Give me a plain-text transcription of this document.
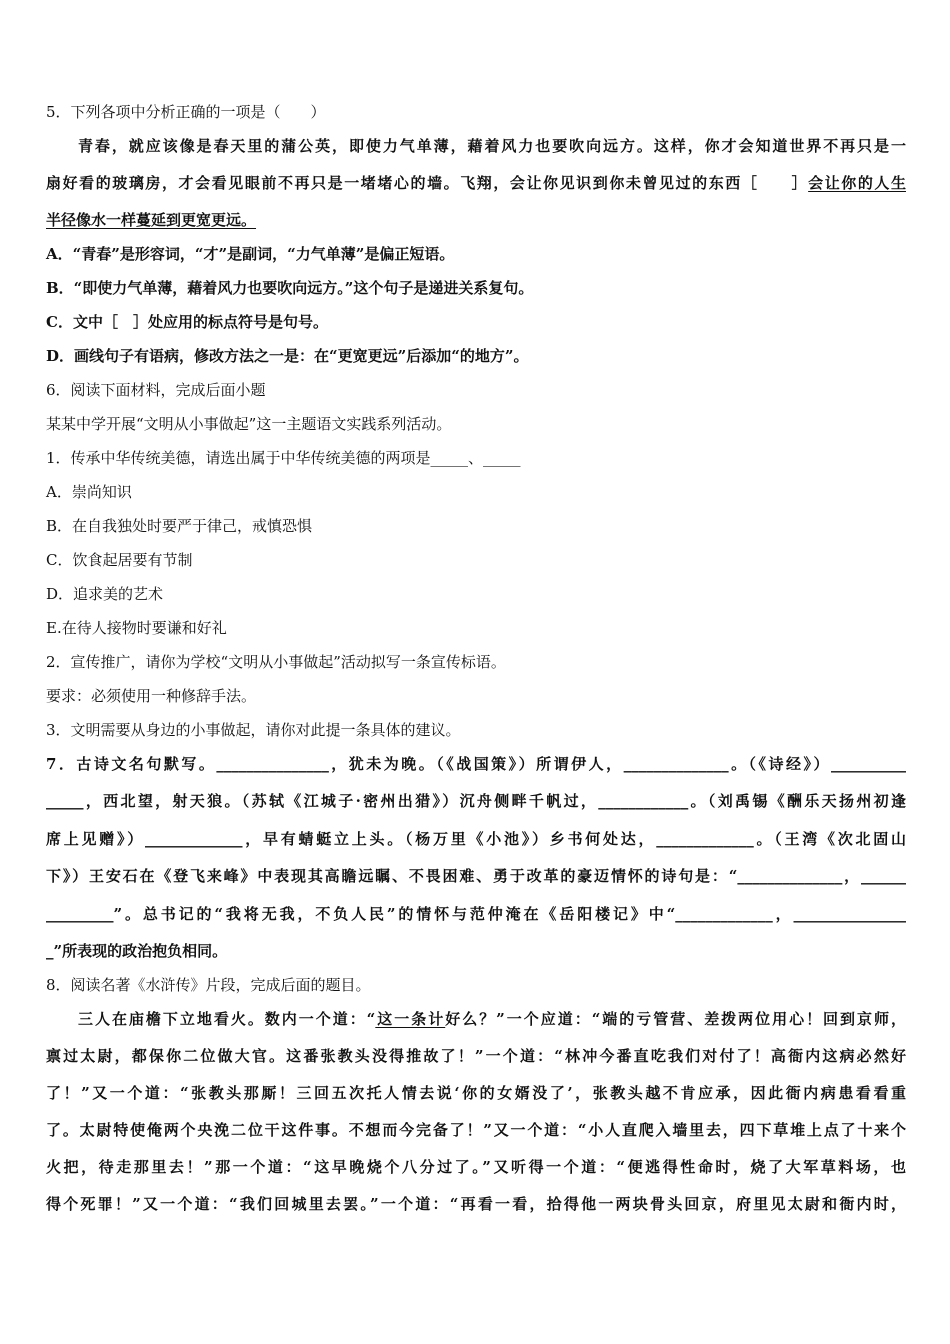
5．下列各项中分析正确的一项是（　　）
青春，就应该像是春天里的蒲公英，即使力气单薄，藉着风力也要吹向远方。这样，你才会知道世界不再只是一
扇好看的玻璃房，才会看见眼前不再只是一堵堵心的墙。飞翔，会让你见识到你未曾见过的东西［　　］会让你的人生
半径像水一样蔓延到更宽更远。
A．“青春”是形容词，“才”是副词，“力气单薄”是偏正短语。
B．“即使力气单薄，藉着风力也要吹向远方。”这个句子是递进关系复句。
C．文中［　］处应用的标点符号是句号。
D．画线句子有语病，修改方法之一是：在“更宽更远”后添加“的地方”。
6．阅读下面材料，完成后面小题
某某中学开展“文明从小事做起”这一主题语文实践系列活动。
1．传承中华传统美德，请选出属于中华传统美德的两项是_____、_____
A．崇尚知识
B．在自我独处时要严于律己，戒慎恐惧
C．饮食起居要有节制
D．追求美的艺术
E.在待人接物时要谦和好礼
2．宣传推广，请你为学校“文明从小事做起”活动拟写一条宣传标语。
要求：必须使用一种修辞手法。
3．文明需要从身边的小事做起，请你对此提一条具体的建议。
7．古诗文名句默写。_______________，犹未为晚。（《战国策》）所谓伊人，______________。（《诗经》）__________
_____，西北望，射天狼。（苏轼《江城子·密州出猎》）沉舟侧畔千帆过，____________。（刘禹锡《酬乐天扬州初逢
席上见赠》）_____________，早有蜻蜓立上头。（杨万里《小池》）乡书何处达，_____________。（王湾《次北固山
下》）王安石在《登飞来峰》中表现其高瞻远瞩、不畏困难、勇于改革的豪迈情怀的诗句是：“______________，______
_________”。总书记的“我将无我，不负人民”的情怀与范仲淹在《岳阳楼记》中“_____________，_______________
_”所表现的政治抱负相同。
8．阅读名著《水浒传》片段，完成后面的题目。
三人在庙檐下立地看火。数内一个道：“这一条计好么？”一个应道：“端的亏管营、差拨两位用心！回到京师，
禀过太尉，都保你二位做大官。这番张教头没得推故了！”一个道：“林冲今番直吃我们对付了！高衙内这病必然好
了！”又一个道：“张教头那厮！三回五次托人情去说‘你的女婿没了’，张教头越不肯应承，因此衙内病患看看重
了。太尉特使俺两个央浼二位干这件事。不想而今完备了！”又一个道：“小人直爬入墙里去，四下草堆上点了十来个
火把，待走那里去！”那一个道：“这早晚烧个八分过了。”又听得一个道：“便逃得性命时，烧了大军草料场，也
得个死罪！”又一个道：“我们回城里去罢。”一个道：“再看一看，拾得他一两块骨头回京，府里见太尉和衙内时，
